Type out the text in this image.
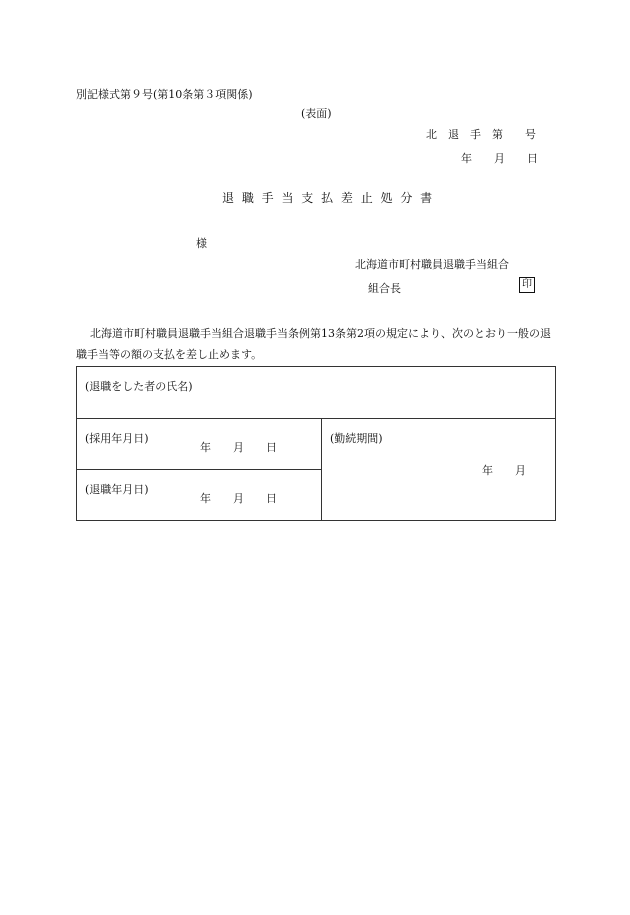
別記様式第９号(第10条第３項関係)
(表面)
北　退　手　第　　号
年　　月　　日
退 職 手 当 支 払 差 止 処 分 書
様
北海道市町村職員退職手当組合
組合長	印
北海道市町村職員退職手当組合退職手当条例第13条第2項の規定により、次のとおり一般の退職手当等の額の支払を差し止めます。
(退職をした者の氏名)
(採用年月日)
年　　月　　日
(退職年月日)
年　　月　　日
(勤続期間)
年　　月
